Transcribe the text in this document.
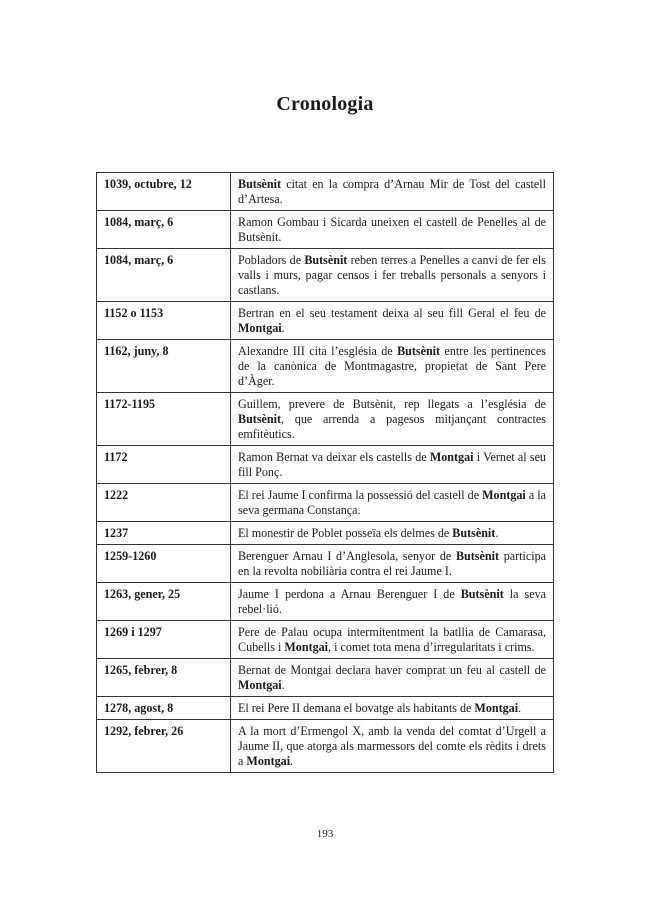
Cronologia
1039, octubre, 12	Butsènit citat en la compra d’Arnau Mir de Tost del castell d’Artesa.
1084, març, 6	Ramon Gombau i Sicarda uneixen el castell de Penelles al de Butsènit.
1084, març, 6	Pobladors de Butsènit reben terres a Penelles a canvi de fer els valls i murs, pagar censos i fer treballs personals a senyors i castlans.
1152 o 1153	Bertran en el seu testament deixa al seu fill Geral el feu de Montgai.
1162, juny, 8	Alexandre III cita l’església de Butsènit entre les pertinences de la canònica de Montmagastre, propietat de Sant Pere d’Àger.
1172-1195	Guillem, prevere de Butsènit, rep llegats a l’església de Butsènit, que arrenda a pagesos mitjançant contractes emfitèutics.
1172	Ramon Bernat va deixar els castells de Montgai i Vernet al seu fill Ponç.
1222	El rei Jaume I confirma la possessió del castell de Montgai a la seva germana Constança.
1237	El monestir de Poblet posseïa els delmes de Butsènit.
1259-1260	Berenguer Arnau I d’Anglesola, senyor de Butsènit participa en la revolta nobiliària contra el rei Jaume I.
1263, gener, 25	Jaume I perdona a Arnau Berenguer I de Butsènit la seva rebel·lió.
1269 i 1297	Pere de Palau ocupa intermitentment la batllia de Camarasa, Cubells i Montgai, i comet tota mena d’irregularitats i crims.
1265, febrer, 8	Bernat de Montgai declara haver comprat un feu al castell de Montgai.
1278, agost, 8	El rei Pere II demana el bovatge als habitants de Montgai.
1292, febrer, 26	A la mort d’Ermengol X, amb la venda del comtat d’Urgell a Jaume II, que atorga als marmessors del comte els rèdits i drets a Montgai.
193
